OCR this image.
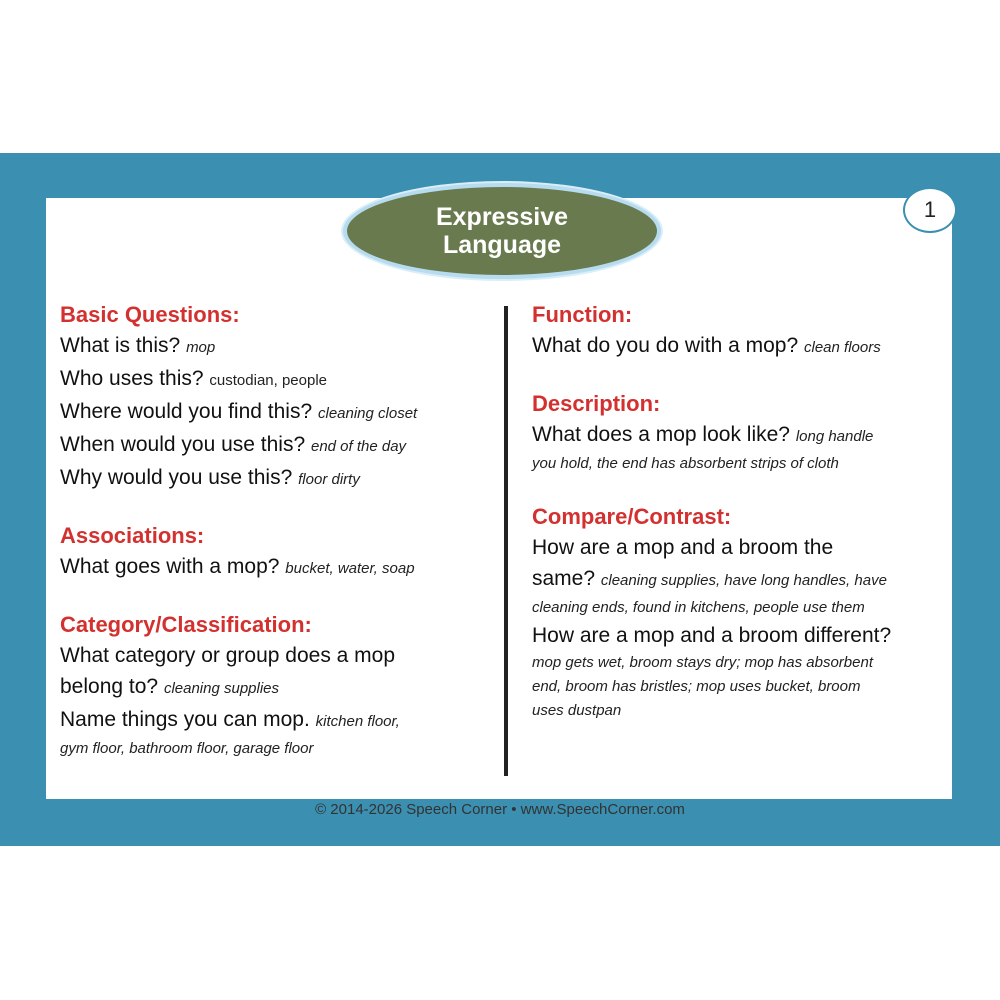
Expressive Language
1

Basic Questions:

What is this? mop

Who uses this? custodian, people

Where would you find this? cleaning closet

When would you use this? end of the day

Why would you use this? floor dirty

Associations:

What goes with a mop? bucket, water, soap

Category/Classification:

What category or group does a mop

belong to? cleaning supplies

Name things you can mop. kitchen floor,

gym floor, bathroom floor, garage floor

Function:

What do you do with a mop? clean floors

Description:

What does a mop look like? long handle

you hold, the end has absorbent strips of cloth

Compare/Contrast:

How are a mop and a broom the

same? cleaning supplies, have long handles, have

cleaning ends, found in kitchens, people use them

How are a mop and a broom different?

mop gets wet, broom stays dry; mop has absorbent

end, broom has bristles; mop uses bucket, broom

uses dustpan

© 2014-2026 Speech Corner • www.SpeechCorner.com
